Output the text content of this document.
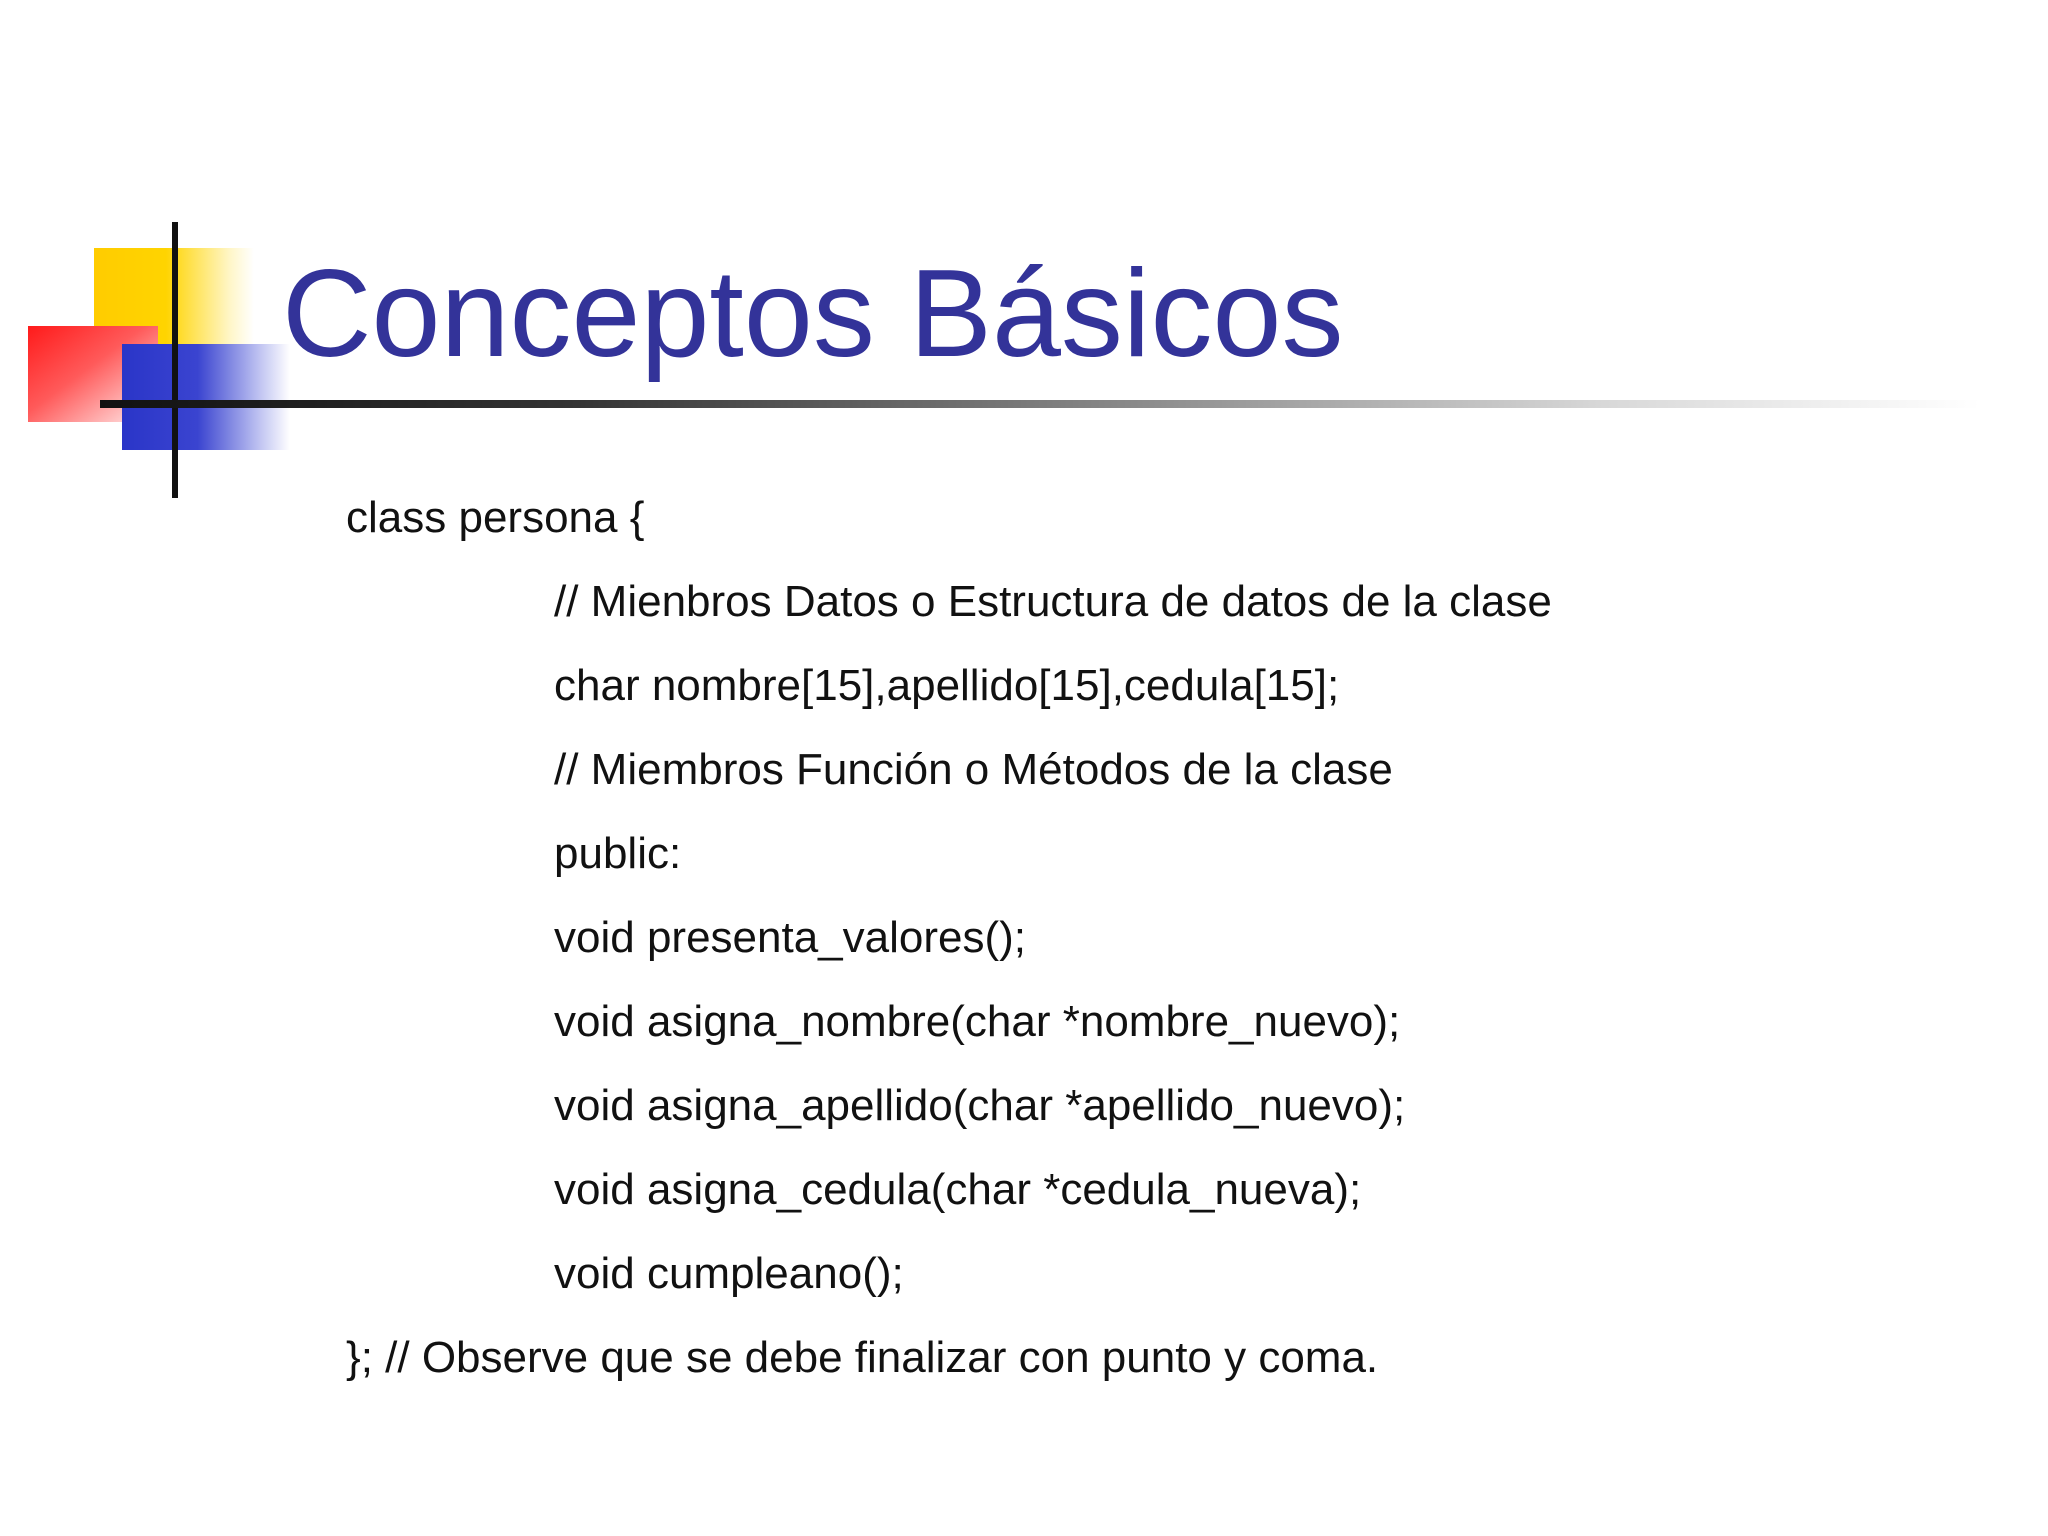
Conceptos Básicos

class persona {

// Mienbros Datos o Estructura de datos de la clase

char nombre[15],apellido[15],cedula[15];

// Miembros Función o Métodos de la clase

public:

void presenta_valores();

void asigna_nombre(char *nombre_nuevo);

void asigna_apellido(char *apellido_nuevo);

void asigna_cedula(char *cedula_nueva);

void cumpleano();

}; // Observe que se debe finalizar con punto y coma.
